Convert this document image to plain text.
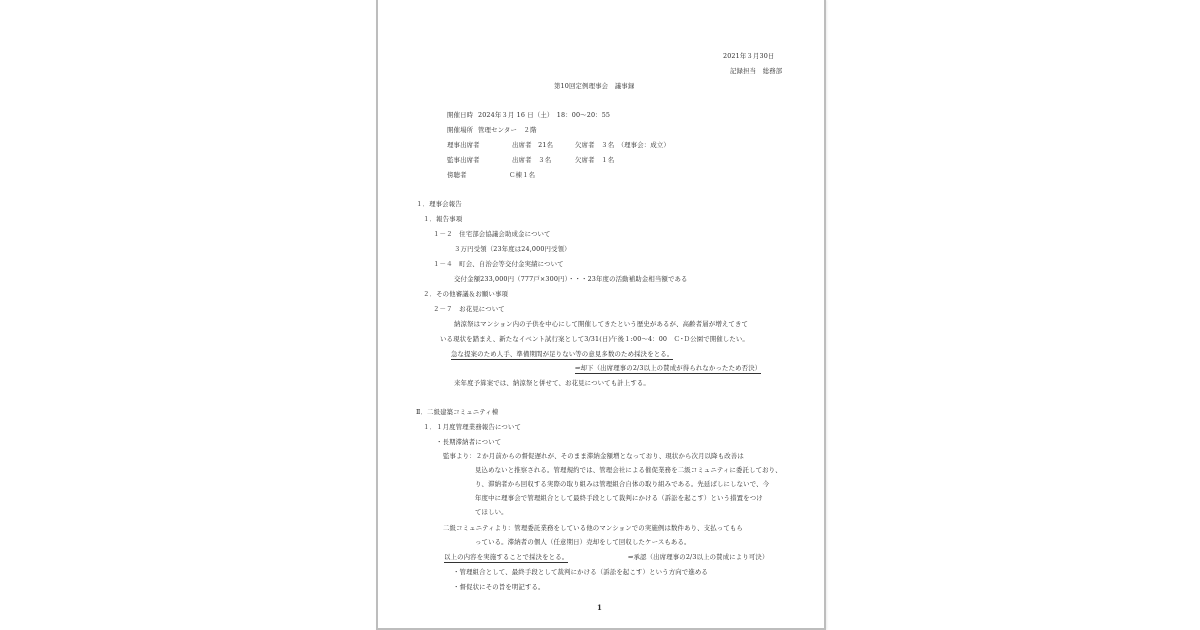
2021年３月30日
記録担当　総務部
第10回定例理事会　議事録
開催日時 2024年３月 16 日（土）　18：00～20：55
開催場所 管理センター　２階
理事出席者	出席者　21名	欠席者　３名　（理事会：成立）
監事出席者	出席者　３名	欠席者　１名
傍聴者	Ｃ棟１名
１．理事会報告
１．報告事項
１－２　住宅部会協議会助成金について
３万円受領（23年度は24,000円受領）
１－４　町会、自治会等交付金実績について
交付金額233,000円（777戸×300円）・・・23年度の活動補助金相当額である
２．その他審議＆お願い事項
２－７　お花見について
納涼祭はマンション内の子供を中心にして開催してきたという歴史があるが、高齢者層が増えてきて
いる現状を踏まえ、新たなイベント試行案として3/31(日)午後１:00～4：00　Ｃ･Ｄ公園で開催したい。
急な提案のため人手、準備期間が足りない等の意見多数のため採決をとる。
⇒却下（出席理事の2/3以上の賛成が得られなかったため否決）
来年度予算案では、納涼祭と併せて、お花見についても計上する。
Ⅱ．二級建築コミュニティ棟
１．１月度管理業務報告について
・長期滞納者について
監事より：２か月前からの督促遅れが、そのまま滞納金額増となっており、現状から次月以降も改善は
見込めないと推察される。管理規約では、管理会社による催促業務を二級コミュニティに委託しており、
り、滞納者から回収する実際の取り組みは管理組合自体の取り組みである。先延ばしにしないで、今
年度中に理事会で管理組合として最終手段として裁判にかける（訴訟を起こす）という措置をつけ
てほしい。
二級コミュニティより：管理委託業務をしている他のマンションでの実施例は数件あり、支払ってもら
っている。滞納者の個人（任意期日）売却をして回収したケースもある。
以上の内容を実施することで採決をとる。	⇒承認（出席理事の2/3以上の賛成により可決）
・管理組合として、最終手段として裁判にかける（訴訟を起こす）という方向で進める
・督促状にその旨を明記する。
1
